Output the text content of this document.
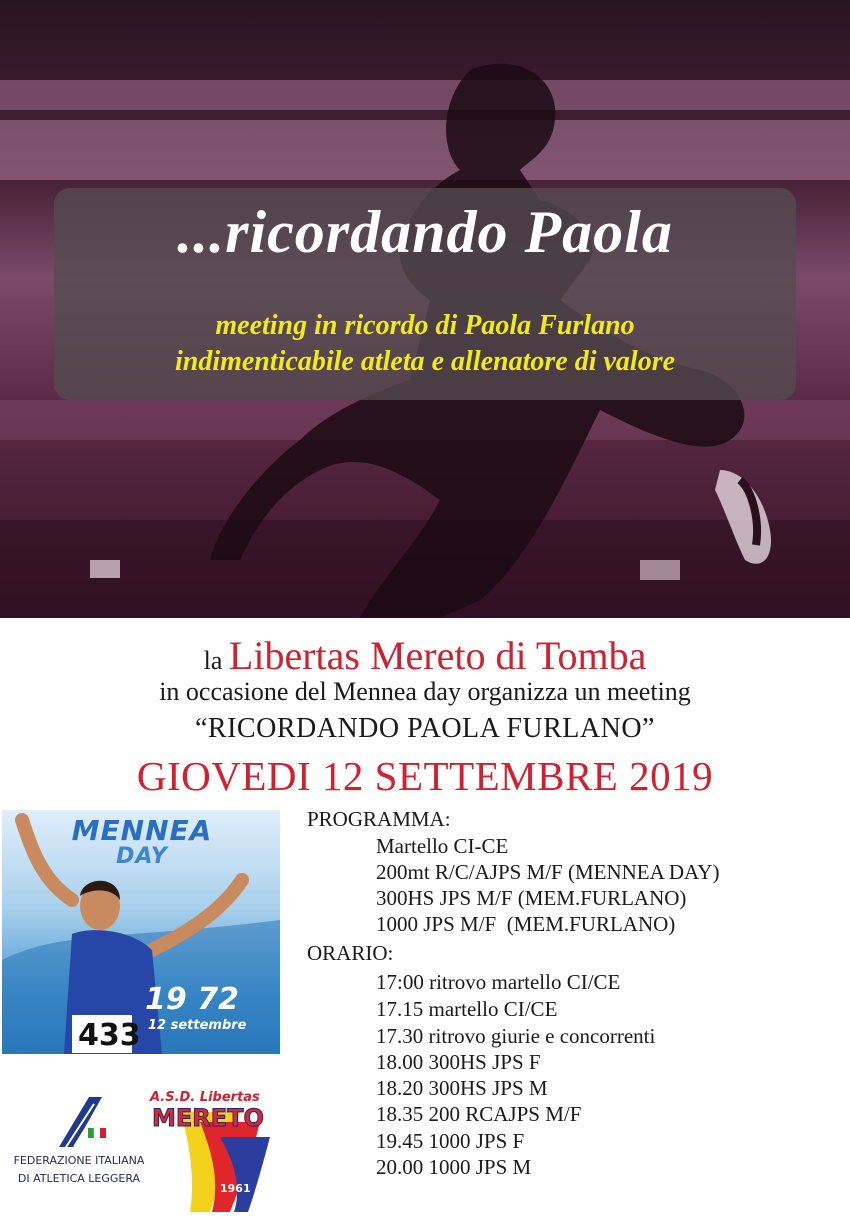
...ricordando Paola
meeting in ricordo di Paola Furlano
indimenticabile atleta e allenatore di valore
la Libertas Mereto di Tomba
in occasione del Mennea day organizza un meeting
“RICORDANDO PAOLA FURLANO”
GIOVEDI 12 SETTEMBRE 2019
MENNEA
DAY
433
19 72
12 settembre
PROGRAMMA:
Martello CI-CE
200mt R/C/AJPS M/F (MENNEA DAY)
300HS JPS M/F (MEM.FURLANO)
1000 JPS M/F  (MEM.FURLANO)
ORARIO:
17:00 ritrovo martello CI/CE
17.15 martello CI/CE
17.30 ritrovo giurie e concorrenti
18.00 300HS JPS F
18.20 300HS JPS M
18.35 200 RCAJPS M/F
19.45 1000 JPS F
20.00 1000 JPS M
FEDERAZIONE ITALIANA
DI ATLETICA LEGGERA
A.S.D. Libertas
MERETO
1961
